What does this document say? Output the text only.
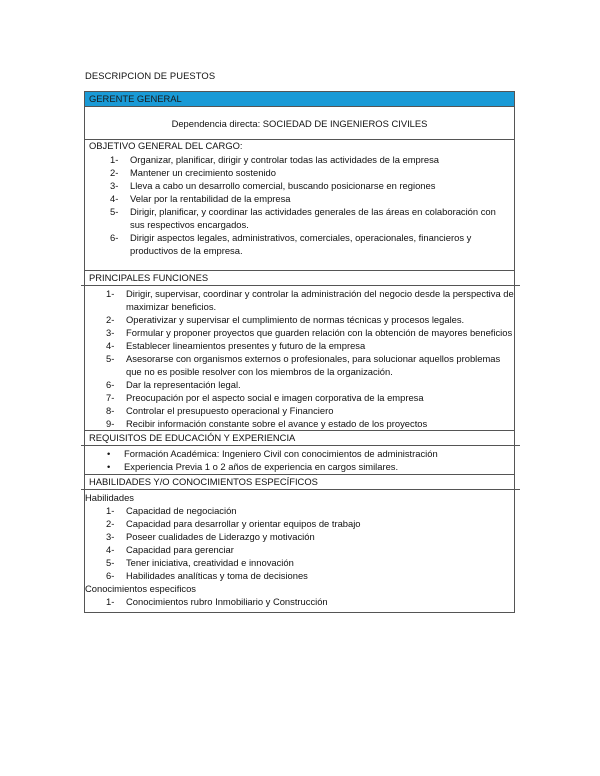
DESCRIPCION DE PUESTOS
GERENTE GENERAL
Dependencia directa: SOCIEDAD DE INGENIEROS CIVILES
OBJETIVO GENERAL DEL CARGO:
1- Organizar, planificar, dirigir y controlar todas las actividades de la empresa
2- Mantener un crecimiento sostenido
3- Lleva a cabo un desarrollo comercial, buscando posicionarse en regiones
4- Velar por la rentabilidad de la empresa
5- Dirigir, planificar, y coordinar las actividades generales de las áreas en colaboración con sus respectivos encargados.
6- Dirigir aspectos legales, administrativos, comerciales, operacionales, financieros y productivos de la empresa.
PRINCIPALES FUNCIONES
1- Dirigir, supervisar, coordinar y controlar la administración del negocio desde la perspectiva de maximizar beneficios.
2- Operativizar y supervisar el cumplimiento de normas técnicas y procesos legales.
3- Formular y proponer proyectos que guarden relación con la obtención de mayores beneficios
4- Establecer lineamientos presentes y futuro de la empresa
5- Asesorarse con organismos externos o profesionales, para solucionar aquellos problemas que no es posible resolver con los miembros de la organización.
6- Dar la representación legal.
7- Preocupación por el aspecto social e imagen corporativa de la empresa
8- Controlar el presupuesto operacional y Financiero
9- Recibir información constante sobre el avance y estado de los proyectos
REQUISITOS DE EDUCACIÓN Y EXPERIENCIA
• Formación Académica: Ingeniero Civil con conocimientos de administración
• Experiencia Previa 1 o 2 años de experiencia en cargos similares.
HABILIDADES Y/O CONOCIMIENTOS ESPECÍFICOS
Habilidades
1- Capacidad de negociación
2- Capacidad para desarrollar y orientar equipos de trabajo
3- Poseer cualidades de Liderazgo y motivación
4- Capacidad para gerenciar
5- Tener iniciativa, creatividad e innovación
6- Habilidades analíticas y toma de decisiones
Conocimientos especificos
1- Conocimientos rubro Inmobiliario y Construcción
